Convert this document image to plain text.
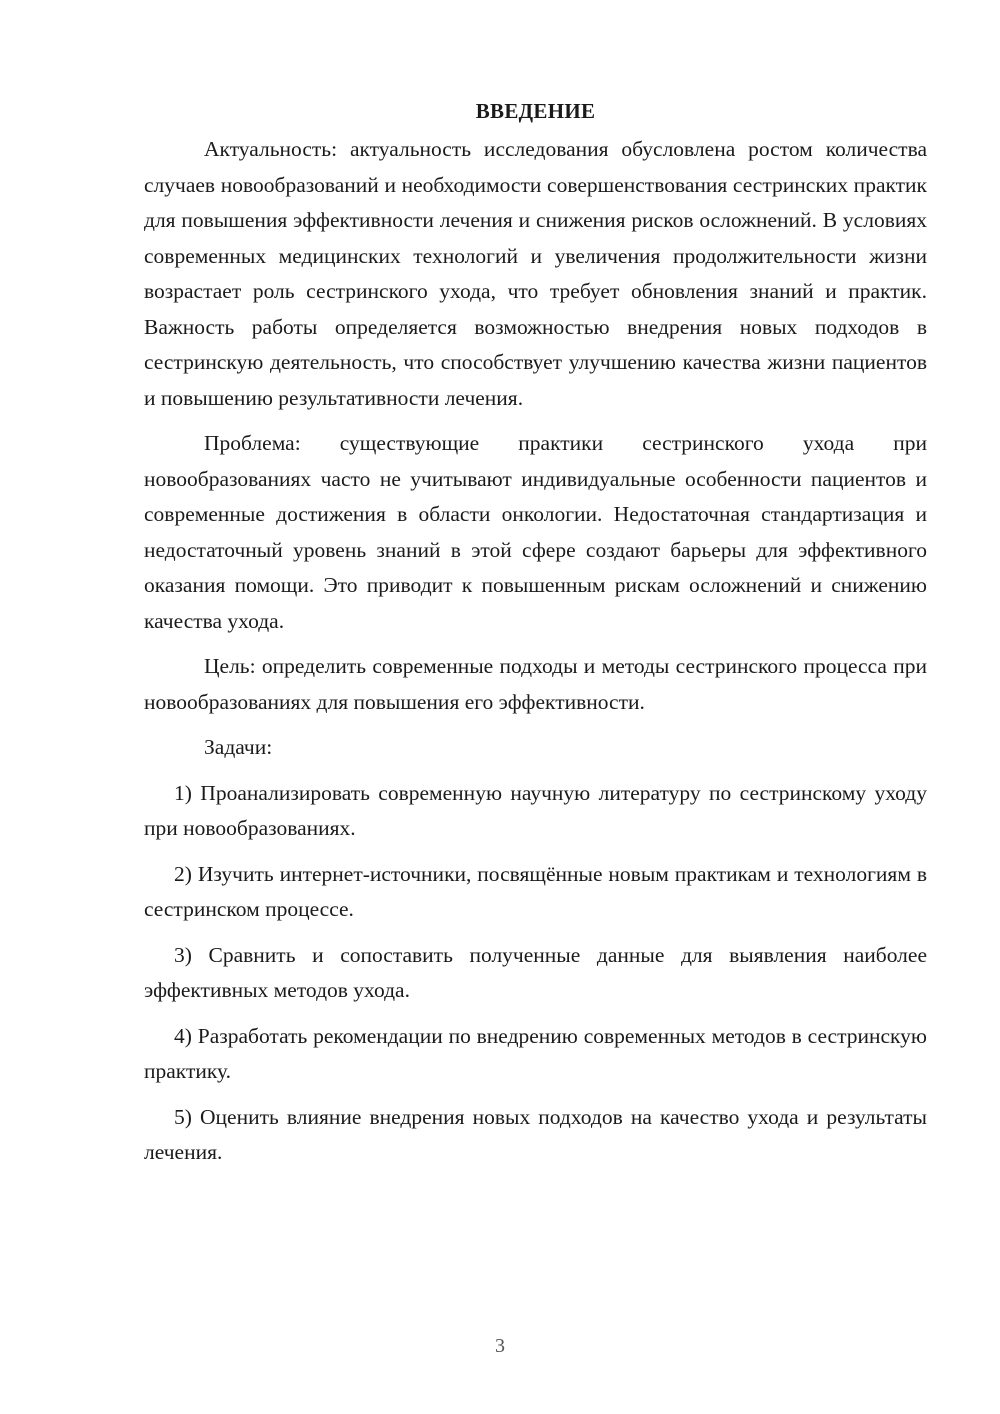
ВВЕДЕНИЕ

Актуальность: актуальность исследования обусловлена ростом количества случаев новообразований и необходимости совершенствования сестринских практик для повышения эффективности лечения и снижения рисков осложнений. В условиях современных медицинских технологий и увеличения продолжительности жизни возрастает роль сестринского ухода, что требует обновления знаний и практик. Важность работы определяется возможностью внедрения новых подходов в сестринскую деятельность, что способствует улучшению качества жизни пациентов и повышению результативности лечения.

Проблема: существующие практики сестринского ухода при новообразованиях часто не учитывают индивидуальные особенности пациентов и современные достижения в области онкологии. Недостаточная стандартизация и недостаточный уровень знаний в этой сфере создают барьеры для эффективного оказания помощи. Это приводит к повышенным рискам осложнений и снижению качества ухода.

Цель: определить современные подходы и методы сестринского процесса при новообразованиях для повышения его эффективности.

Задачи:

1) Проанализировать современную научную литературу по сестринскому уходу при новообразованиях.

2) Изучить интернет-источники, посвящённые новым практикам и технологиям в сестринском процессе.

3) Сравнить и сопоставить полученные данные для выявления наиболее эффективных методов ухода.

4) Разработать рекомендации по внедрению современных методов в сестринскую практику.

5) Оценить влияние внедрения новых подходов на качество ухода и результаты лечения.

3
